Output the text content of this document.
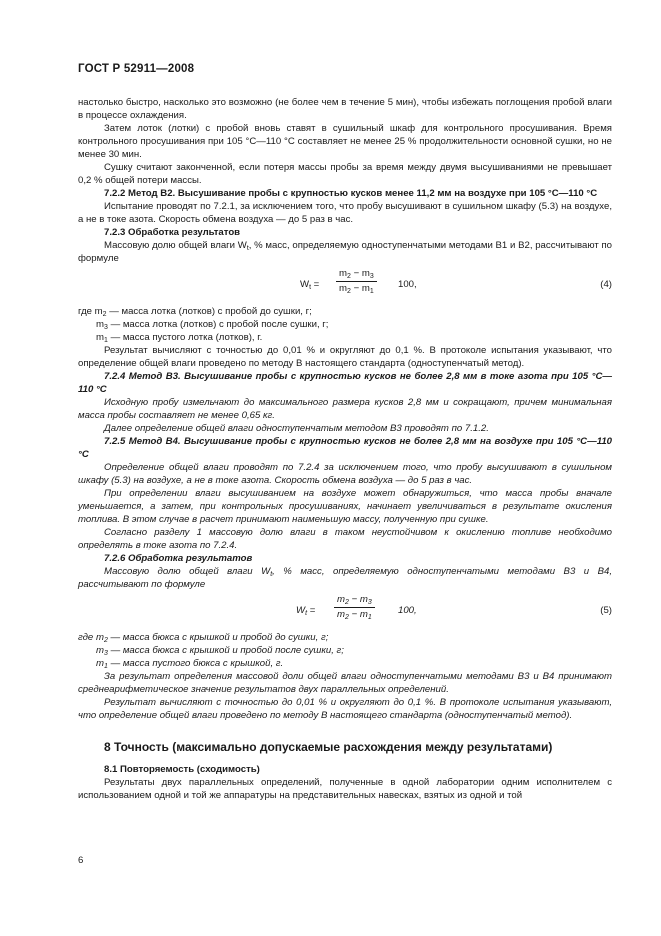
ГОСТ Р 52911—2008

настолько быстро, насколько это возможно (не более чем в течение 5 мин), чтобы избежать поглощения пробой влаги в процессе охлаждения.

Затем лоток (лотки) с пробой вновь ставят в сушильный шкаф для контрольного просушивания. Время контрольного просушивания при 105 °С—110 °С составляет не менее 25 % продолжительности основной сушки, но не менее 30 мин.

Сушку считают законченной, если потеря массы пробы за время между двумя высушиваниями не превышает 0,2 % общей потери массы.

7.2.2 Метод В2. Высушивание пробы с крупностью кусков менее 11,2 мм на воздухе при 105 °С—110 °С

Испытание проводят по 7.2.1, за исключением того, что пробу высушивают в сушильном шкафу (5.3) на воздухе, а не в токе азота. Скорость обмена воздуха — до 5 раз в час.

7.2.3 Обработка результатов

Массовую долю общей влаги $W_t$, % масс, определяемую одноступенчатыми методами В1 и В2, рассчитывают по формуле

$W_t = \frac{m_2 - m_3}{m_2 - m_1} 100$,	(4)

где $m_2$ — масса лотка (лотков) с пробой до сушки, г;

$m_3$ — масса лотка (лотков) с пробой после сушки, г;

$m_1$ — масса пустого лотка (лотков), г.

Результат вычисляют с точностью до 0,01 % и округляют до 0,1 %. В протоколе испытания указывают, что определение общей влаги проведено по методу В настоящего стандарта (одноступенчатый метод).

7.2.4 Метод В3. Высушивание пробы с крупностью кусков не более 2,8 мм в токе азота при 105 °С—110 °С

Исходную пробу измельчают до максимального размера кусков 2,8 мм и сокращают, причем минимальная масса пробы составляет не менее 0,65 кг.

Далее определение общей влаги одноступенчатым методом В3 проводят по 7.1.2.

7.2.5 Метод В4. Высушивание пробы с крупностью кусков не более 2,8 мм на воздухе при 105 °С—110 °С

Определение общей влаги проводят по 7.2.4 за исключением того, что пробу высушивают в сушильном шкафу (5.3) на воздухе, а не в токе азота. Скорость обмена воздуха — до 5 раз в час.

При определении влаги высушиванием на воздухе может обнаружиться, что масса пробы вначале уменьшается, а затем, при контрольных просушиваниях, начинает увеличиваться в результате окисления топлива. В этом случае в расчет принимают наименьшую массу, полученную при сушке.

Согласно разделу 1 массовую долю влаги в таком неустойчивом к окислению топливе необходимо определять в токе азота по 7.2.4.

7.2.6 Обработка результатов

Массовую долю общей влаги $W_t$, % масс, определяемую одноступенчатыми методами В3 и В4, рассчитывают по формуле

$W_t = \frac{m_2 - m_3}{m_2 - m_1} 100$,	(5)

где $m_2$ — масса бюкса с крышкой и пробой до сушки, г;

$m_3$ — масса бюкса с крышкой и пробой после сушки, г;

$m_1$ — масса пустого бюкса с крышкой, г.

За результат определения массовой доли общей влаги одноступенчатыми методами В3 и В4 принимают среднеарифметическое значение результатов двух параллельных определений.

Результат вычисляют с точностью до 0,01 % и округляют до 0,1 %. В протоколе испытания указывают, что определение общей влаги проведено по методу В настоящего стандарта (одноступенчатый метод).

8 Точность (максимально допускаемые расхождения между результатами)

8.1 Повторяемость (сходимость)

Результаты двух параллельных определений, полученные в одной лаборатории одним исполнителем с использованием одной и той же аппаратуры на представительных навесках, взятых из одной и той

6
